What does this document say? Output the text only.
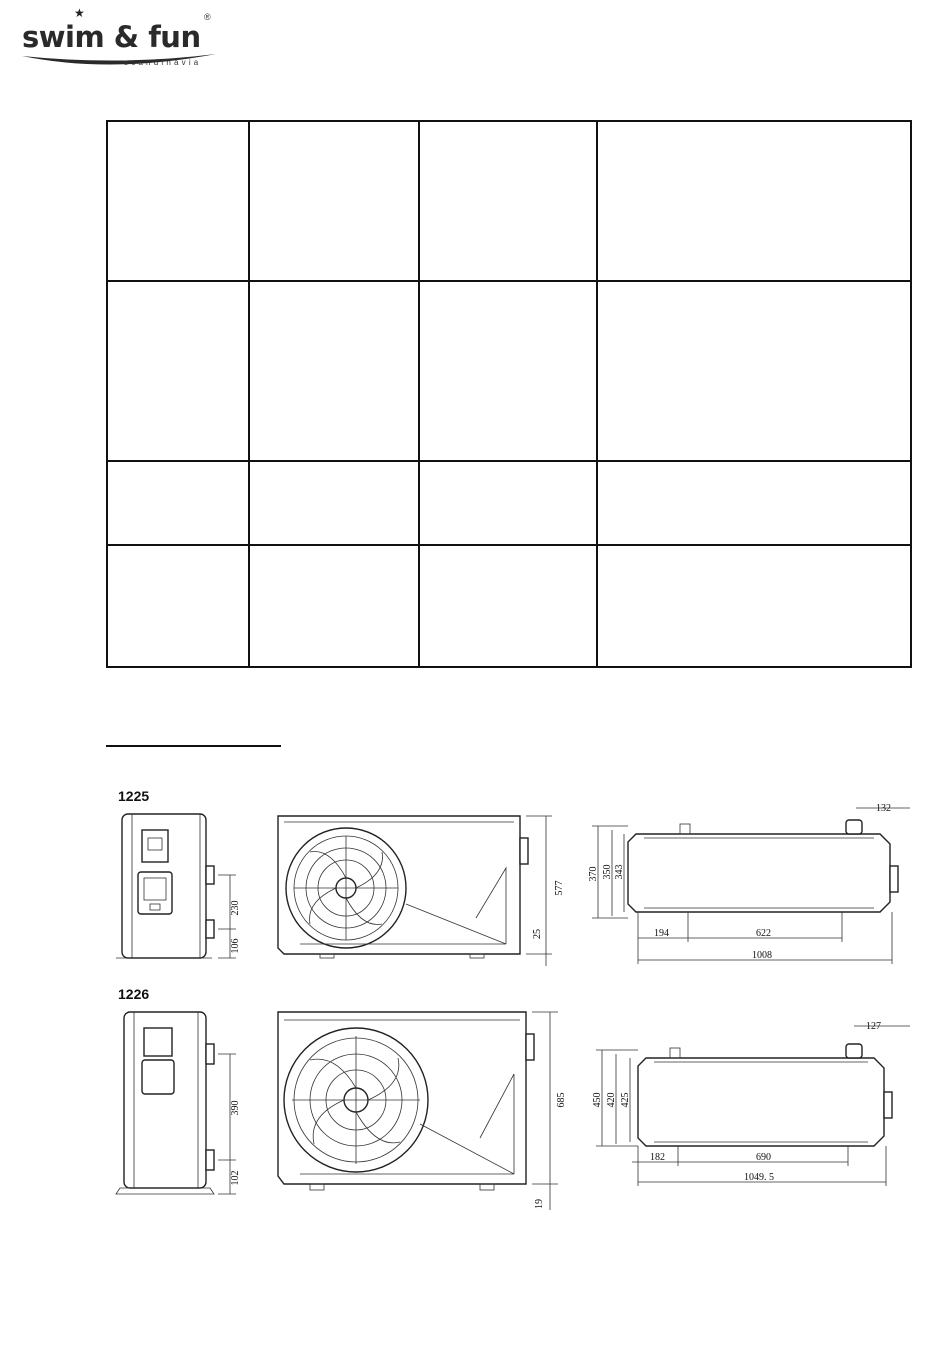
★
swim & fun
®
scandinavia

1225
230
106
577
25
132
370 350 343
194	622
1008
1226
390
102
685
19
127
450 420 425
182	690
1049. 5
